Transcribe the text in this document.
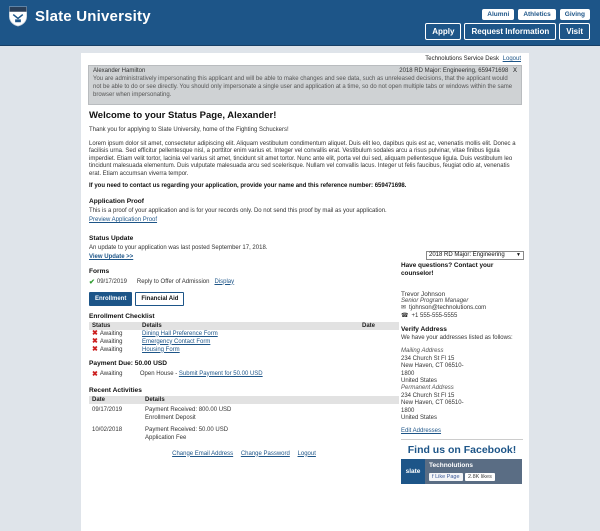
Slate University	Alumni	Athletics	Giving
Apply	Request Information	Visit
Technolutions Service Desk Logout
Alexander Hamilton	2018 RD Major: Engineering, 659471698 X
You are administratively impersonating this applicant and will be able to make changes and see data, such as unreleased decisions, that the applicant would not be able to do or see directly. You should only impersonate a single user and application at a time, so do not open multiple tabs or windows within the same browser when impersonating.
2018 RD Major: Engineering ▼
Have questions? Contact your counselor!
Trevor Johnson
Senior Program Manager
✉ tjohnson@technolutions.com
☎ +1 555-555-5555
Verify Address
We have your addresses listed as follows:
Mailing Address
234 Church St Fl 15
New Haven, CT 06510-
1800
United States
Permanent Address
234 Church St Fl 15
New Haven, CT 06510-
1800
United States
Edit Addresses
Find us on Facebook!
slate
Technolutions
f Like Page	2.8K likes
Welcome to your Status Page, Alexander!

Thank you for applying to Slate University, home of the Fighting Schuckers!

Lorem ipsum dolor sit amet, consectetur adipiscing elit. Aliquam vestibulum condimentum aliquet. Duis elit leo, dapibus quis est ac, venenatis mollis elit. Donec a facilisis urna. Sed efficitur pellentesque nisl, a porttitor enim varius et. Integer vel convallis erat. Vestibulum sodales arcu a risus pulvinar, vitae finibus ligula imperdiet. Etiam velit tortor, lacinia vel varius sit amet, tincidunt sit amet tortor. Nunc ante elit, porta vel dui sed, aliquam pellentesque ligula. Duis vestibulum leo tincidunt malesuada elementum. Duis vulputate malesuada arcu sed scelerisque. Nullam vel convallis lacus. Integer ut felis faucibus, feugiat odio at, venenatis erat. Etiam accumsan viverra tempor.

If you need to contact us regarding your application, provide your name and this reference number: 659471698.

Application Proof

This is a proof of your application and is for your records only. Do not send this proof by mail as your application.

Preview Application Proof

Status Update

An update to your application was last posted September 17, 2018.

View Update >>

Forms
✔ 09/17/2019	Reply to Offer of Admission Display
Enrollment	Financial Aid
Enrollment Checklist
Status	Details	Date
✖ Awaiting	Dining Hall Preference Form	
✖ Awaiting	Emergency Contact Form	
✖ Awaiting	Housing Form	
Payment Due: 50.00 USD
✖ Awaiting	Open House - Submit Payment for 50.00 USD
Recent Activities
Date	Details
09/17/2019	Payment Received: 800.00 USD
Enrollment Deposit
10/02/2018	Payment Received: 50.00 USD
Application Fee
Change Email Address Change Password Logout
